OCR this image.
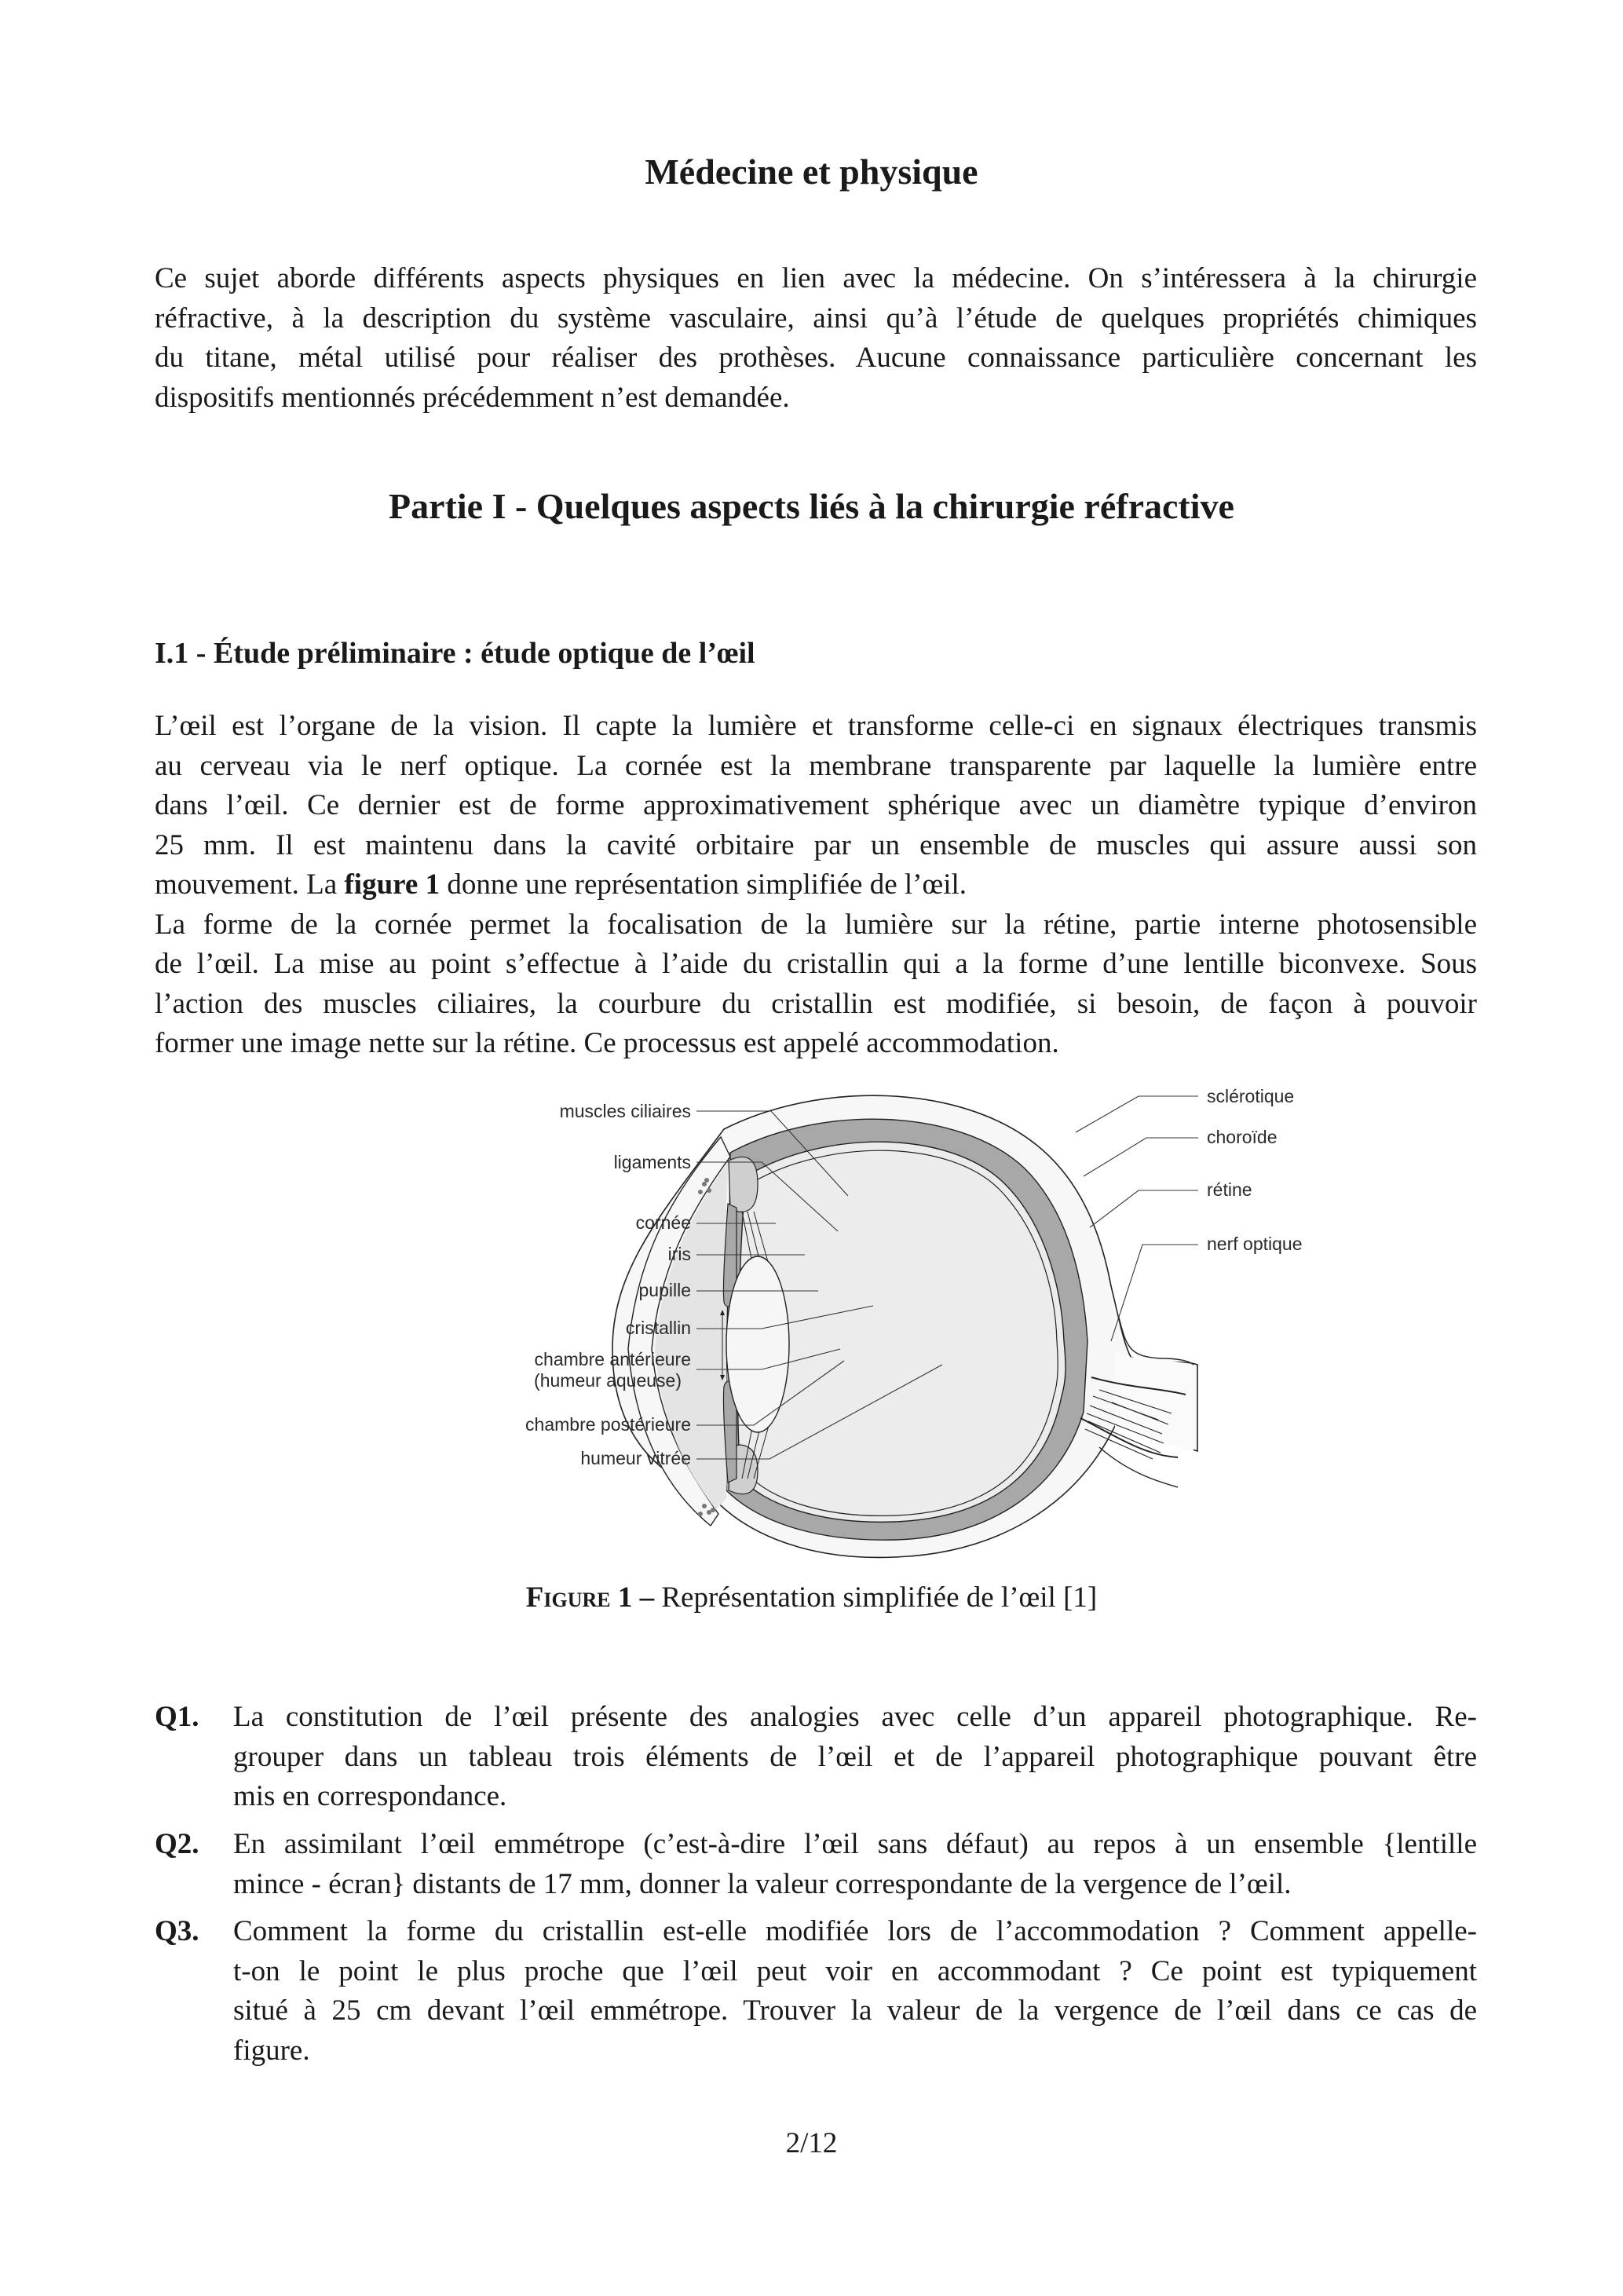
Médecine et physique
Ce sujet aborde différents aspects physiques en lien avec la médecine. On s’intéressera à la chirurgie
réfractive, à la description du système vasculaire, ainsi qu’à l’étude de quelques propriétés chimiques
du titane, métal utilisé pour réaliser des prothèses. Aucune connaissance particulière concernant les
dispositifs mentionnés précédemment n’est demandée.
Partie I - Quelques aspects liés à la chirurgie réfractive
I.1 - Étude préliminaire : étude optique de l’œil
L’œil est l’organe de la vision. Il capte la lumière et transforme celle-ci en signaux électriques transmis
au cerveau via le nerf optique. La cornée est la membrane transparente par laquelle la lumière entre
dans l’œil. Ce dernier est de forme approximativement sphérique avec un diamètre typique d’environ
25 mm. Il est maintenu dans la cavité orbitaire par un ensemble de muscles qui assure aussi son
mouvement. La figure 1 donne une représentation simplifiée de l’œil.
La forme de la cornée permet la focalisation de la lumière sur la rétine, partie interne photosensible
de l’œil. La mise au point s’effectue à l’aide du cristallin qui a la forme d’une lentille biconvexe. Sous
l’action des muscles ciliaires, la courbure du cristallin est modifiée, si besoin, de façon à pouvoir
former une image nette sur la rétine. Ce processus est appelé accommodation.
muscles ciliaires
ligaments
cornée
iris
pupille
cristallin
chambre antérieure
(humeur aqueuse)
chambre postérieure
humeur vitrée
sclérotique
choroïde
rétine
nerf optique
Figure 1 – Représentation simplifiée de l’œil [1]
Q1. La constitution de l’œil présente des analogies avec celle d’un appareil photographique. Re-
grouper dans un tableau trois éléments de l’œil et de l’appareil photographique pouvant être
mis en correspondance.
Q2. En assimilant l’œil emmétrope (c’est-à-dire l’œil sans défaut) au repos à un ensemble {lentille
mince - écran} distants de 17 mm, donner la valeur correspondante de la vergence de l’œil.
Q3. Comment la forme du cristallin est-elle modifiée lors de l’accommodation ? Comment appelle-
t-on le point le plus proche que l’œil peut voir en accommodant ? Ce point est typiquement
situé à 25 cm devant l’œil emmétrope. Trouver la valeur de la vergence de l’œil dans ce cas de
figure.
2/12
